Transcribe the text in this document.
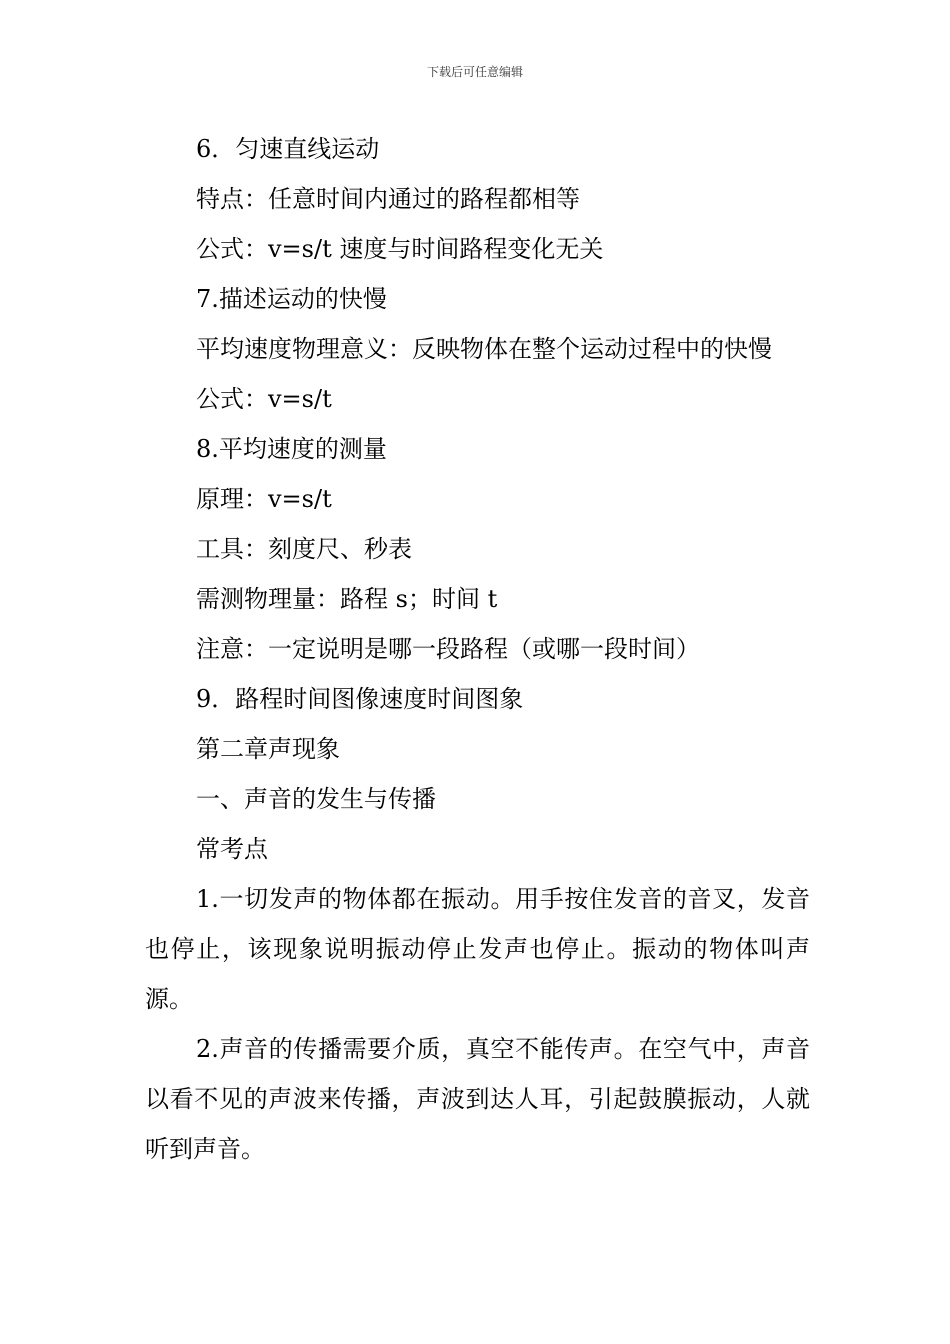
下载后可任意编辑

6．匀速直线运动

特点：任意时间内通过的路程都相等

公式：v=s/t 速度与时间路程变化无关

7.描述运动的快慢

平均速度物理意义：反映物体在整个运动过程中的快慢

公式：v=s/t

8.平均速度的测量

原理：v=s/t

工具：刻度尺、秒表

需测物理量：路程 s；时间 t

注意：一定说明是哪一段路程（或哪一段时间）

9．路程时间图像速度时间图象

第二章声现象

一、声音的发生与传播

常考点

1.一切发声的物体都在振动。用手按住发音的音叉，发音也停止，该现象说明振动停止发声也停止。振动的物体叫声源。

2.声音的传播需要介质，真空不能传声。在空气中，声音以看不见的声波来传播，声波到达人耳，引起鼓膜振动，人就听到声音。
